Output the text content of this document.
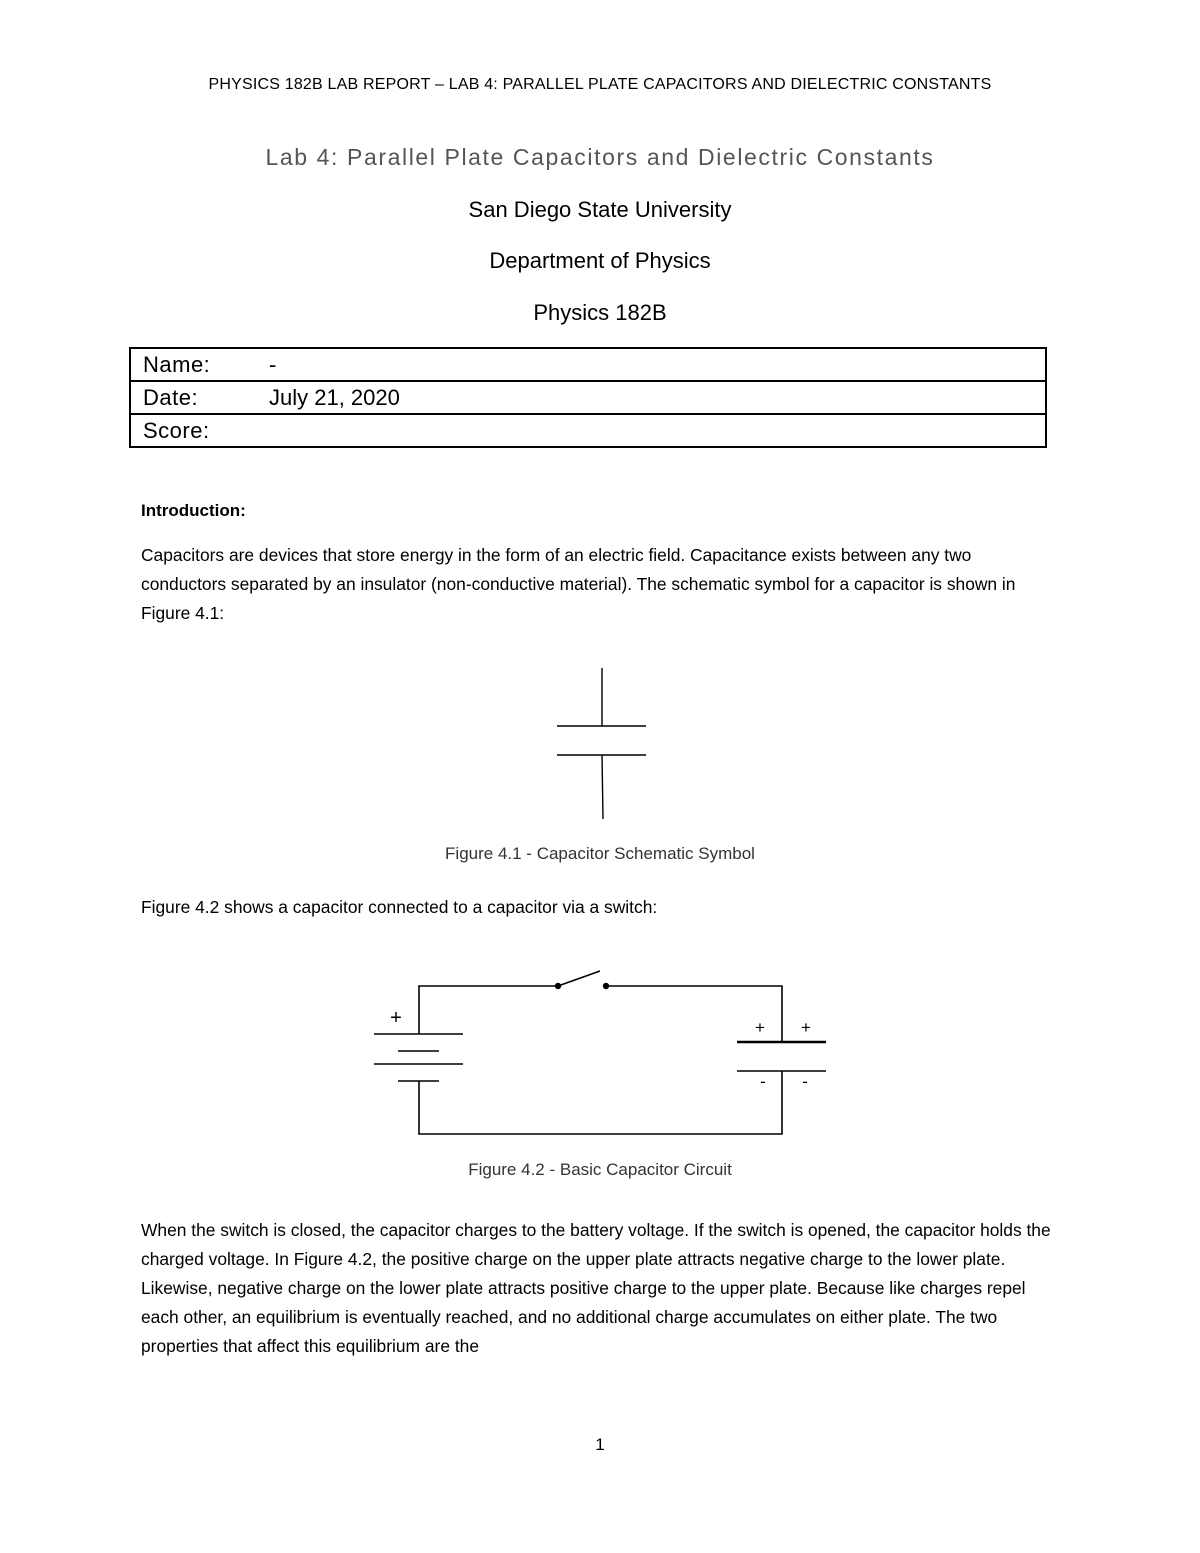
PHYSICS 182B LAB REPORT – LAB 4: PARALLEL PLATE CAPACITORS AND DIELECTRIC CONSTANTS
Lab 4: Parallel Plate Capacitors and Dielectric Constants
San Diego State University
Department of Physics
Physics 182B
Name:	-
Date:	July 21, 2020
Score:
Introduction:

Capacitors are devices that store energy in the form of an electric field. Capacitance exists between any two conductors separated by an insulator (non-conductive material). The schematic symbol for a capacitor is shown in Figure 4.1:

+	+ +
- -
Figure 4.1 - Capacitor Schematic Symbol

Figure 4.2 shows a capacitor connected to a capacitor via a switch:

Figure 4.2 - Basic Capacitor Circuit

When the switch is closed, the capacitor charges to the battery voltage. If the switch is opened, the capacitor holds the charged voltage. In Figure 4.2, the positive charge on the upper plate attracts negative charge to the lower plate. Likewise, negative charge on the lower plate attracts positive charge to the upper plate. Because like charges repel each other, an equilibrium is eventually reached, and no additional charge accumulates on either plate. The two properties that affect this equilibrium are the

1
